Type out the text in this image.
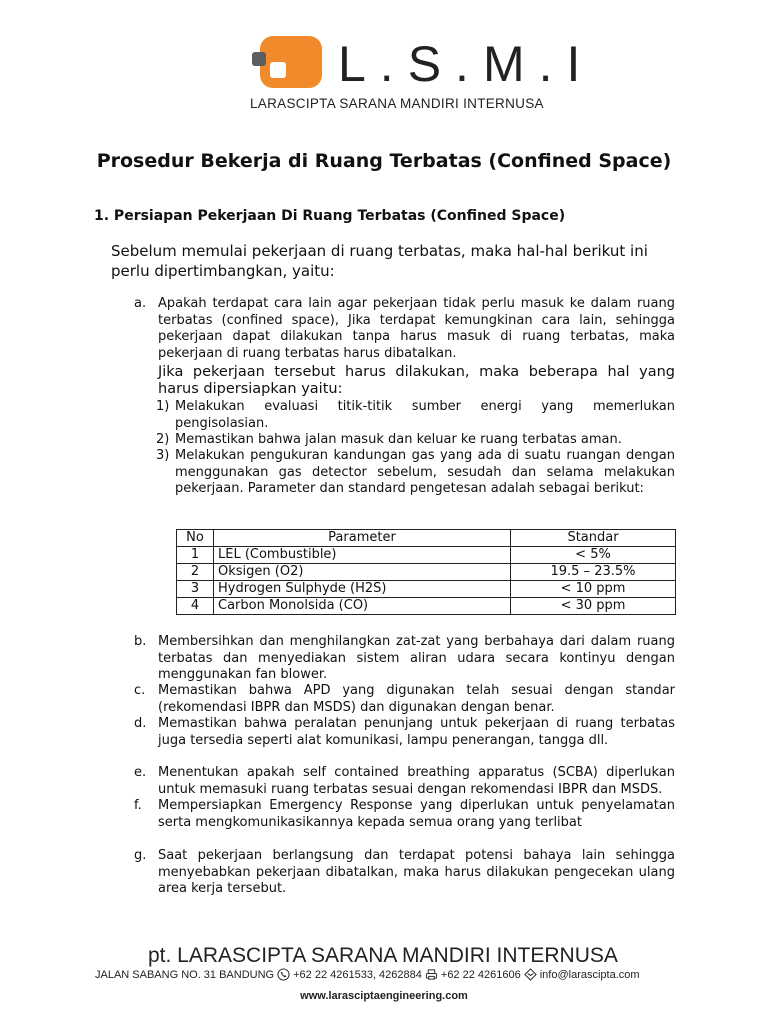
L.S.M.I
LARASCIPTA SARANA MANDIRI INTERNUSA
Prosedur Bekerja di Ruang Terbatas (Confined Space)
1. Persiapan Pekerjaan Di Ruang Terbatas (Confined Space)
Sebelum memulai pekerjaan di ruang terbatas, maka hal-hal berikut ini perlu dipertimbangkan, yaitu:
a. Apakah terdapat cara lain agar pekerjaan tidak perlu masuk ke dalam ruang terbatas (confined space), Jika terdapat kemungkinan cara lain, sehingga pekerjaan dapat dilakukan tanpa harus masuk di ruang terbatas, maka pekerjaan di ruang terbatas harus dibatalkan.
Jika pekerjaan tersebut harus dilakukan, maka beberapa hal yang harus dipersiapkan yaitu:
1) Melakukan evaluasi titik-titik sumber energi yang memerlukan pengisolasian.
2) Memastikan bahwa jalan masuk dan keluar ke ruang terbatas aman.
3) Melakukan pengukuran kandungan gas yang ada di suatu ruangan dengan menggunakan gas detector sebelum, sesudah dan selama melakukan pekerjaan. Parameter dan standard pengetesan adalah sebagai berikut:
No	Parameter	Standar
1	LEL (Combustible)	< 5%
2	Oksigen (O2)	19.5 – 23.5%
3	Hydrogen Sulphyde (H2S)	< 10 ppm
4	Carbon Monolsida (CO)	< 30 ppm
b. Membersihkan dan menghilangkan zat-zat yang berbahaya dari dalam ruang terbatas dan menyediakan sistem aliran udara secara kontinyu dengan menggunakan fan blower.
c. Memastikan bahwa APD yang digunakan telah sesuai dengan standar (rekomendasi IBPR dan MSDS) dan digunakan dengan benar.
d. Memastikan bahwa peralatan penunjang untuk pekerjaan di ruang terbatas juga tersedia seperti alat komunikasi, lampu penerangan, tangga dll.
e. Menentukan apakah self contained breathing apparatus (SCBA) diperlukan untuk memasuki ruang terbatas sesuai dengan rekomendasi IBPR dan MSDS.
f.	Mempersiapkan Emergency Response yang diperlukan untuk penyelamatan serta mengkomunikasikannya kepada semua orang yang terlibat
g. Saat pekerjaan berlangsung dan terdapat potensi bahaya lain sehingga menyebabkan pekerjaan dibatalkan, maka harus dilakukan pengecekan ulang area kerja tersebut.
pt. LARASCIPTA SARANA MANDIRI INTERNUSA
JALAN SABANG NO. 31 BANDUNG +62 22 4261533, 4262884 +62 22 4261606 info@larascipta.com
www.larasciptaengineering.com
